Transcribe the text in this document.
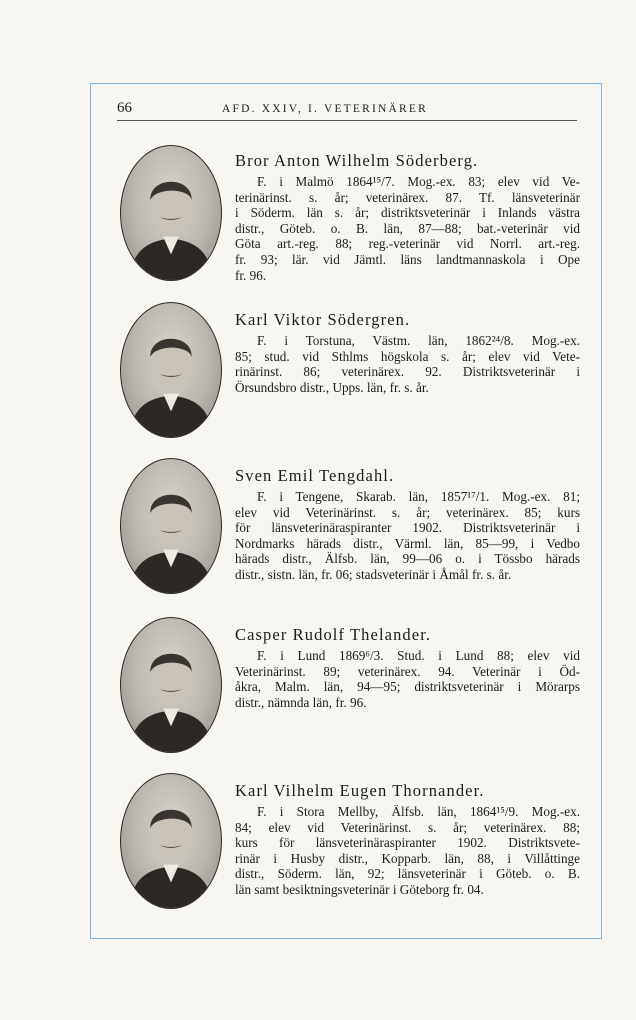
66	AFD. XXIV, I. VETERINÄRER
Bror Anton Wilhelm Söderberg.
F. i Malmö 1864¹⁵/7. Mog.-ex. 83; elev vid Ve-
terinärinst. s. år; veterinärex. 87. Tf. länsveterinär
i Söderm. län s. år; distriktsveterinär i Inlands västra
distr., Göteb. o. B. län, 87—88; bat.-veterinär vid
Göta art.-reg. 88; reg.-veterinär vid Norrl. art.-reg.
fr. 93; lär. vid Jämtl. läns landtmannaskola i Ope
fr. 96.
Karl Viktor Södergren.
F. i Torstuna, Västm. län, 1862²⁴/8. Mog.-ex.
85; stud. vid Sthlms högskola s. år; elev vid Vete-
rinärinst. 86; veterinärex. 92. Distriktsveterinär i
Örsundsbro distr., Upps. län, fr. s. år.
Sven Emil Tengdahl.
F. i Tengene, Skarab. län, 1857¹⁷/1. Mog.-ex. 81;
elev vid Veterinärinst. s. år; veterinärex. 85; kurs
för länsveterinäraspiranter 1902. Distriktsveterinär i
Nordmarks härads distr., Värml. län, 85—99, i Vedbo
härads distr., Älfsb. län, 99—06 o. i Tössbo härads
distr., sistn. län, fr. 06; stadsveterinär i Åmål fr. s. år.
Casper Rudolf Thelander.
F. i Lund 1869⁶/3. Stud. i Lund 88; elev vid
Veterinärinst. 89; veterinärex. 94. Veterinär i Öd-
åkra, Malm. län, 94—95; distriktsveterinär i Mörarps
distr., nämnda län, fr. 96.
Karl Vilhelm Eugen Thornander.
F. i Stora Mellby, Älfsb. län, 1864¹⁵/9. Mog.-ex.
84; elev vid Veterinärinst. s. år; veterinärex. 88;
kurs för länsveterinäraspiranter 1902. Distriktsvete-
rinär i Husby distr., Kopparb. län, 88, i Villåttinge
distr., Söderm. län, 92; länsveterinär i Göteb. o. B.
län samt besiktningsveterinär i Göteborg fr. 04.
